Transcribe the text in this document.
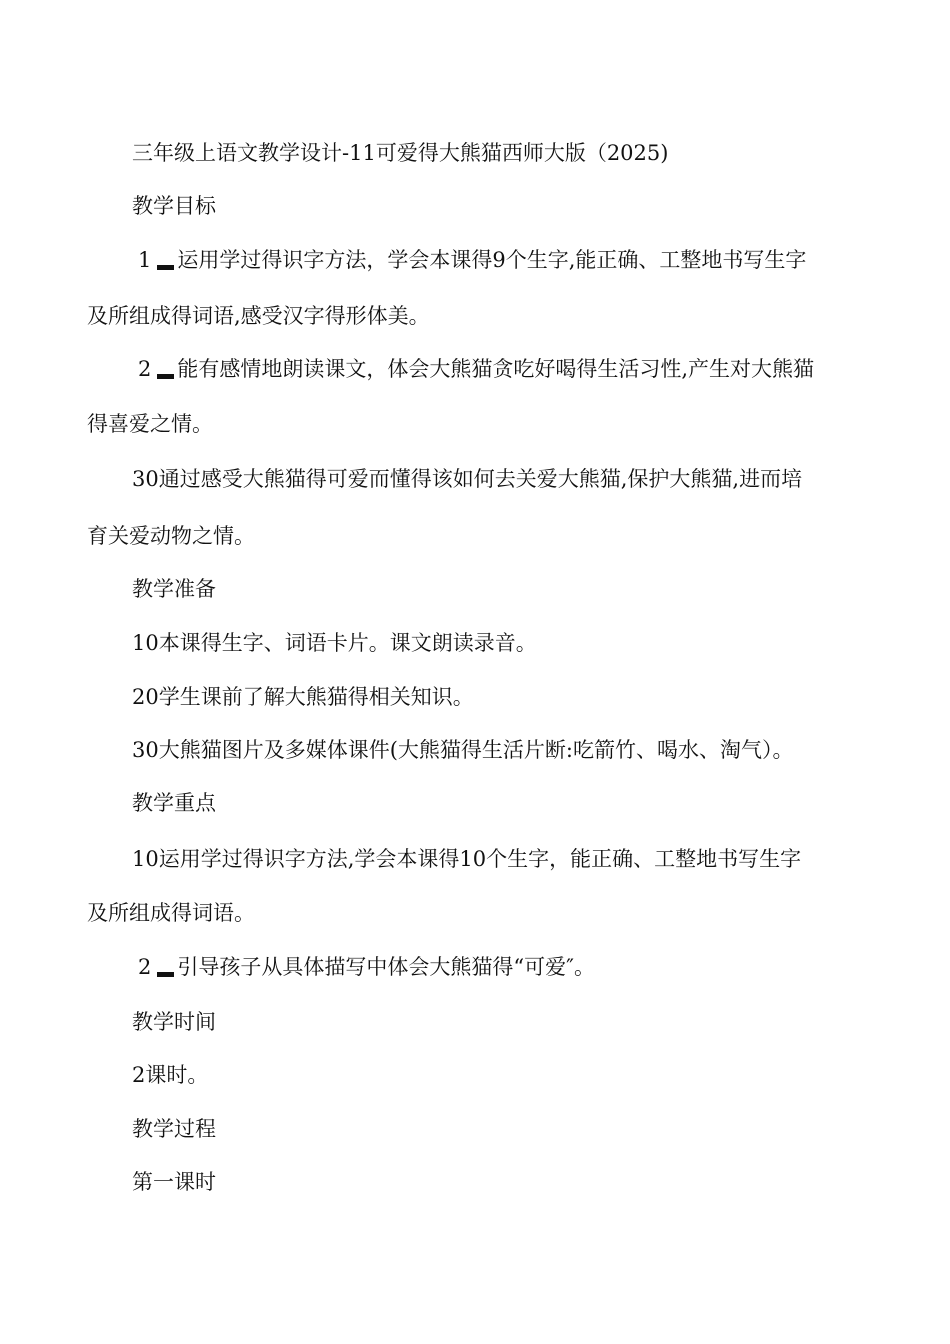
三年级上语文教学设计-11可爱得大熊猫西师大版（2025)
教学目标
1 运用学过得识字方法，学会本课得9个生字,能正确、工整地书写生字
及所组成得词语,感受汉字得形体美。
2 能有感情地朗读课文，体会大熊猫贪吃好喝得生活习性,产生对大熊猫
得喜爱之情。
30通过感受大熊猫得可爱而懂得该如何去关爱大熊猫,保护大熊猫,进而培
育关爱动物之情。
教学准备
10本课得生字、词语卡片。课文朗读录音。
20学生课前了解大熊猫得相关知识。
30大熊猫图片及多媒体课件(大熊猫得生活片断:吃箭竹、喝水、淘气）。
教学重点
10运用学过得识字方法,学会本课得10个生字，能正确、工整地书写生字
及所组成得词语。
2 引导孩子从具体描写中体会大熊猫得“可爱″。
教学时间
2课时。
教学过程
第一课时
